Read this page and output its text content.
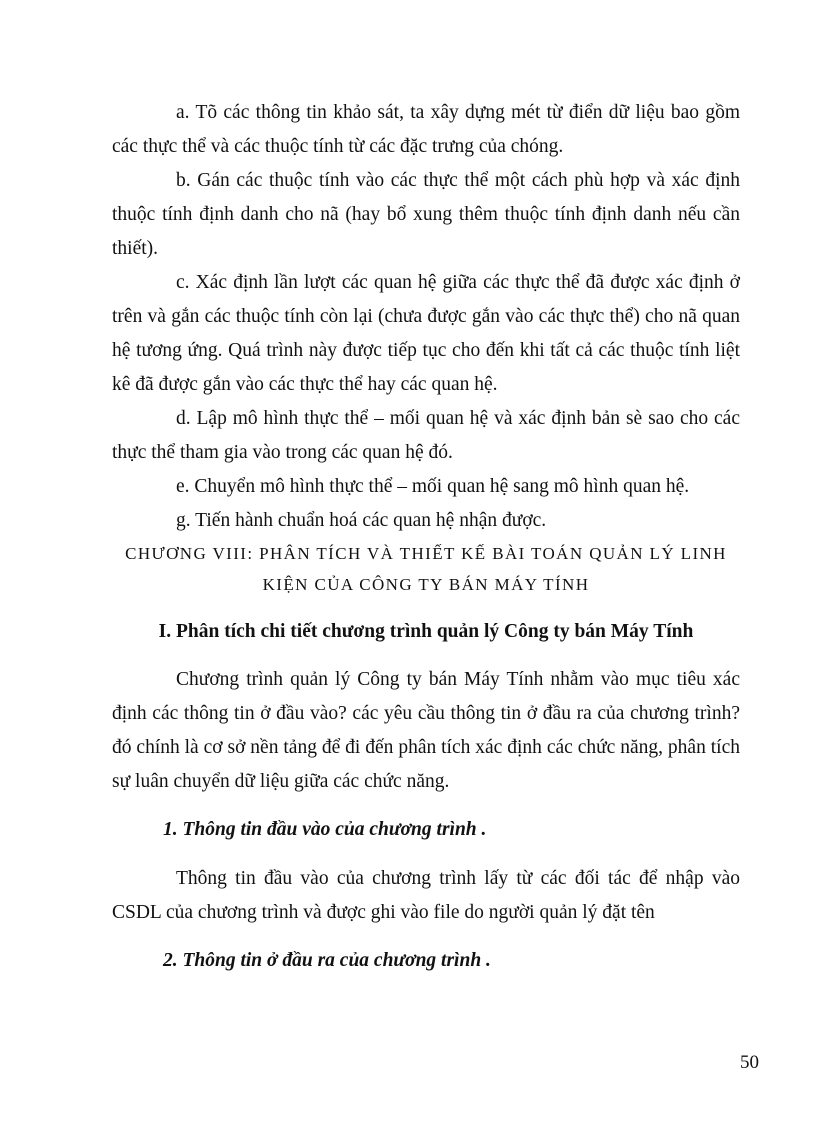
a. Tõ các thông tin khảo sát, ta xây dựng mét từ điển dữ liệu bao gồm các thực thể và các thuộc tính từ các đặc trưng của chóng.

b. Gán các thuộc tính vào các thực thể một cách phù hợp và xác định thuộc tính định danh cho nã (hay bổ xung thêm thuộc tính định danh nếu cần thiết).

c. Xác định lần lượt các quan hệ giữa các thực thể đã được xác định ở trên và gắn các thuộc tính còn lại (chưa được gắn vào các thực thể) cho nã quan hệ tương ứng. Quá trình này được tiếp tục cho đến khi tất cả các thuộc tính liệt kê đã được gắn vào các thực thể hay các quan hệ.

d. Lập mô hình thực thể – mối quan hệ và xác định bản sè sao cho các thực thể tham gia vào trong các quan hệ đó.

e. Chuyển mô hình thực thể – mối quan hệ sang mô hình quan hệ.

g. Tiến hành chuẩn hoá các quan hệ nhận được.

CHƯƠNG VIII: PHÂN TÍCH VÀ THIẾT KẾ BÀI TOÁN QUẢN LÝ LINH

KIỆN CỦA CÔNG TY BÁN MÁY TÍNH

I. Phân tích chi tiết chương trình quản lý Công ty bán Máy Tính

Chương trình quản lý Công ty bán Máy Tính nhằm vào mục tiêu xác định các thông tin ở đầu vào? các yêu cầu thông tin ở đầu ra của chương trình? đó chính là cơ sở nền tảng để đi đến phân tích xác định các chức năng, phân tích sự luân chuyển dữ liệu giữa các chức năng.

1. Thông tin đầu vào của chương trình .

Thông tin đầu vào của chương trình lấy từ các đối tác để nhập vào CSDL của chương trình và được ghi vào file do người quản lý đặt tên

2. Thông tin ở đầu ra của chương trình .

50
